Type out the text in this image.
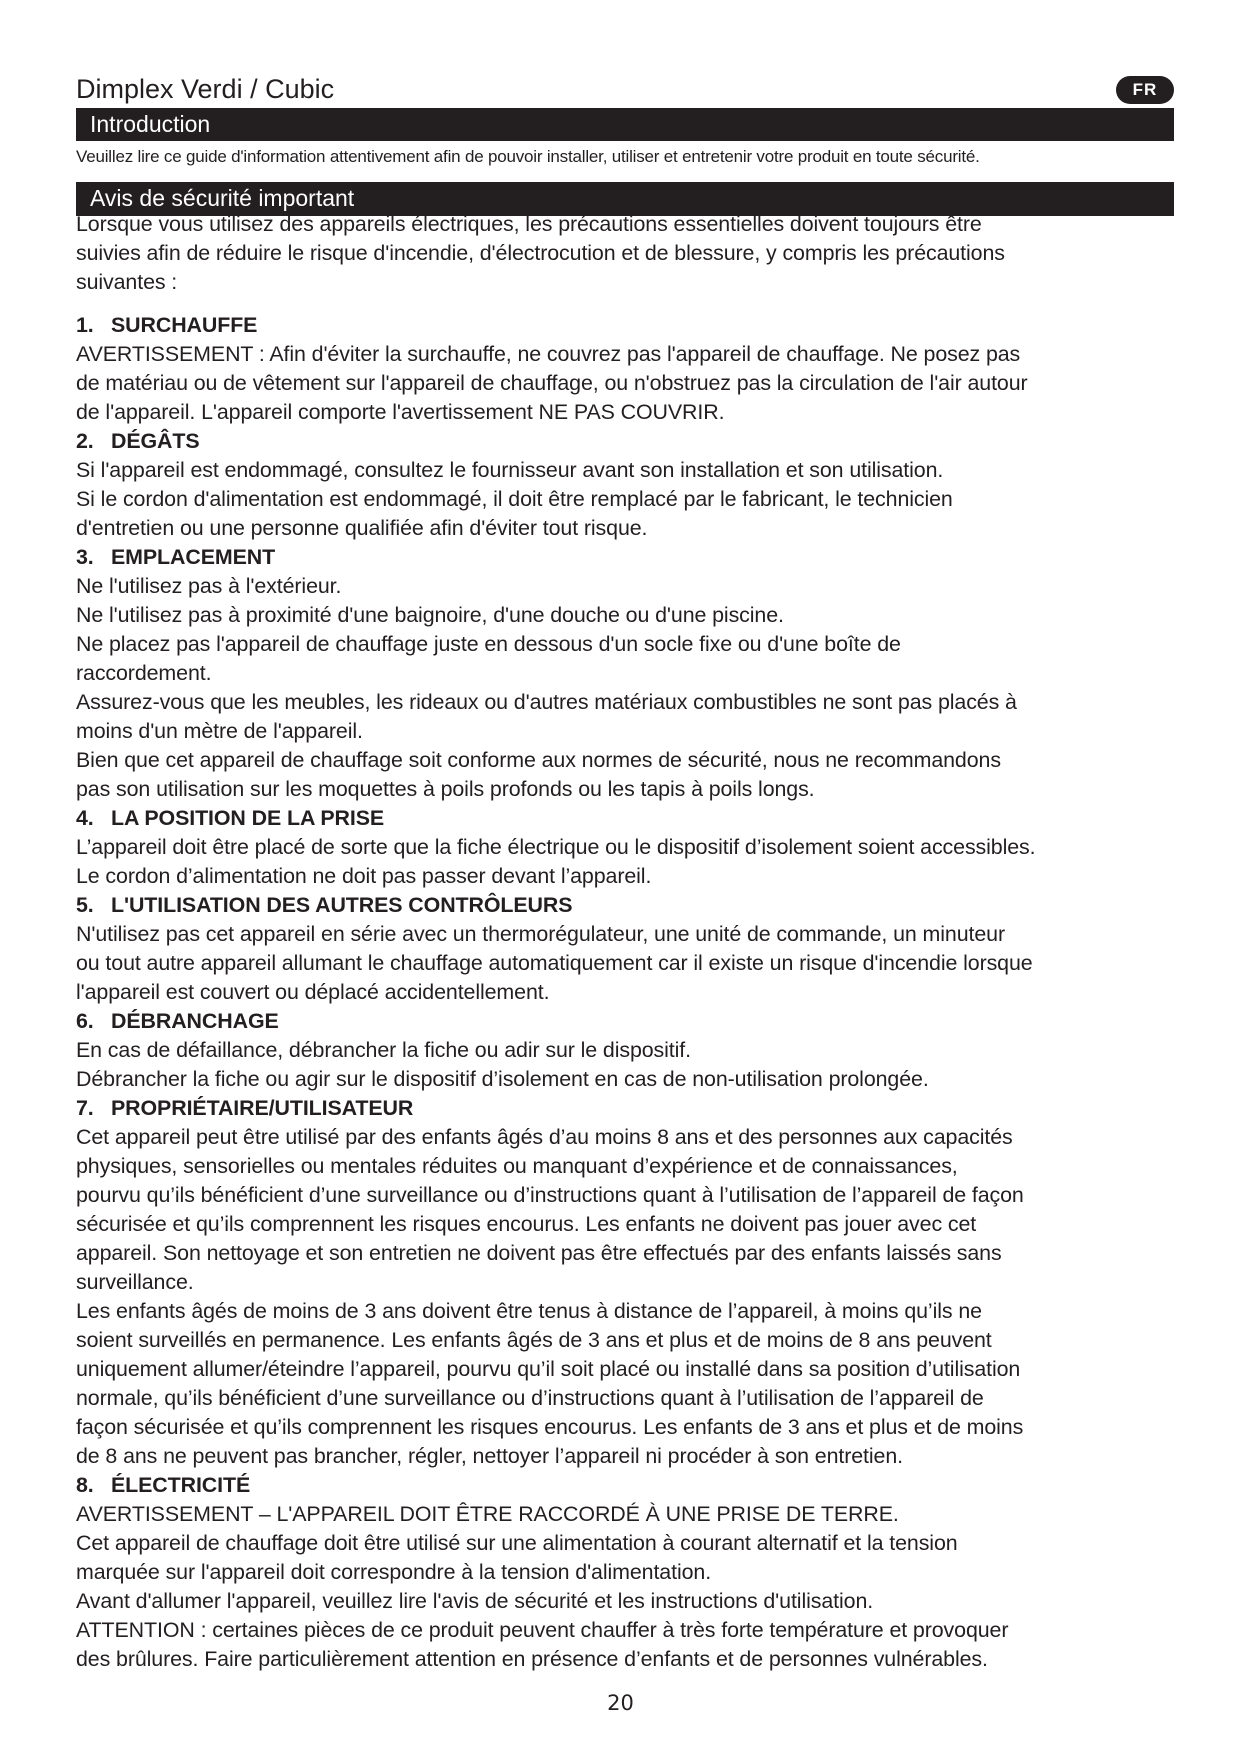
Dimplex Verdi / Cubic	FR
Introduction

Veuillez lire ce guide d'information attentivement afin de pouvoir installer, utiliser et entretenir votre produit en toute sécurité.

Avis de sécurité important

Lorsque vous utilisez des appareils électriques, les précautions essentielles doivent toujours être

suivies afin de réduire le risque d'incendie, d'électrocution et de blessure, y compris les précautions

suivantes :

1. SURCHAUFFE

AVERTISSEMENT : Afin d'éviter la surchauffe, ne couvrez pas l'appareil de chauffage. Ne posez pas

de matériau ou de vêtement sur l'appareil de chauffage, ou n'obstruez pas la circulation de l'air autour

de l'appareil. L'appareil comporte l'avertissement NE PAS COUVRIR.

2. DÉGÂTS

Si l'appareil est endommagé, consultez le fournisseur avant son installation et son utilisation.

Si le cordon d'alimentation est endommagé, il doit être remplacé par le fabricant, le technicien

d'entretien ou une personne qualifiée afin d'éviter tout risque.

3. EMPLACEMENT

Ne l'utilisez pas à l'extérieur.

Ne l'utilisez pas à proximité d'une baignoire, d'une douche ou d'une piscine.

Ne placez pas l'appareil de chauffage juste en dessous d'un socle fixe ou d'une boîte de

raccordement.

Assurez-vous que les meubles, les rideaux ou d'autres matériaux combustibles ne sont pas placés à

moins d'un mètre de l'appareil.

Bien que cet appareil de chauffage soit conforme aux normes de sécurité, nous ne recommandons

pas son utilisation sur les moquettes à poils profonds ou les tapis à poils longs.

4. LA POSITION DE LA PRISE

L’appareil doit être placé de sorte que la fiche électrique ou le dispositif d’isolement soient accessibles.

Le cordon d’alimentation ne doit pas passer devant l’appareil.

5. L'UTILISATION DES AUTRES CONTRÔLEURS

N'utilisez pas cet appareil en série avec un thermorégulateur, une unité de commande, un minuteur

ou tout autre appareil allumant le chauffage automatiquement car il existe un risque d'incendie lorsque

l'appareil est couvert ou déplacé accidentellement.

6. DÉBRANCHAGE

En cas de défaillance, débrancher la fiche ou adir sur le dispositif.

Débrancher la fiche ou agir sur le dispositif d’isolement en cas de non-utilisation prolongée.

7. PROPRIÉTAIRE/UTILISATEUR

Cet appareil peut être utilisé par des enfants âgés d’au moins 8 ans et des personnes aux capacités

physiques, sensorielles ou mentales réduites ou manquant d’expérience et de connaissances,

pourvu qu’ils bénéficient d’une surveillance ou d’instructions quant à l’utilisation de l’appareil de façon

sécurisée et qu’ils comprennent les risques encourus. Les enfants ne doivent pas jouer avec cet

appareil. Son nettoyage et son entretien ne doivent pas être effectués par des enfants laissés sans

surveillance.

Les enfants âgés de moins de 3 ans doivent être tenus à distance de l’appareil, à moins qu’ils ne

soient surveillés en permanence. Les enfants âgés de 3 ans et plus et de moins de 8 ans peuvent

uniquement allumer/éteindre l’appareil, pourvu qu’il soit placé ou installé dans sa position d’utilisation

normale, qu’ils bénéficient d’une surveillance ou d’instructions quant à l’utilisation de l’appareil de

façon sécurisée et qu’ils comprennent les risques encourus. Les enfants de 3 ans et plus et de moins

de 8 ans ne peuvent pas brancher, régler, nettoyer l’appareil ni procéder à son entretien.

8. ÉLECTRICITÉ

AVERTISSEMENT – L'APPAREIL DOIT ÊTRE RACCORDÉ À UNE PRISE DE TERRE.

Cet appareil de chauffage doit être utilisé sur une alimentation à courant alternatif et la tension

marquée sur l'appareil doit correspondre à la tension d'alimentation.

Avant d'allumer l'appareil, veuillez lire l'avis de sécurité et les instructions d'utilisation.

ATTENTION : certaines pièces de ce produit peuvent chauffer à très forte température et provoquer

des brûlures. Faire particulièrement attention en présence d’enfants et de personnes vulnérables.

20
